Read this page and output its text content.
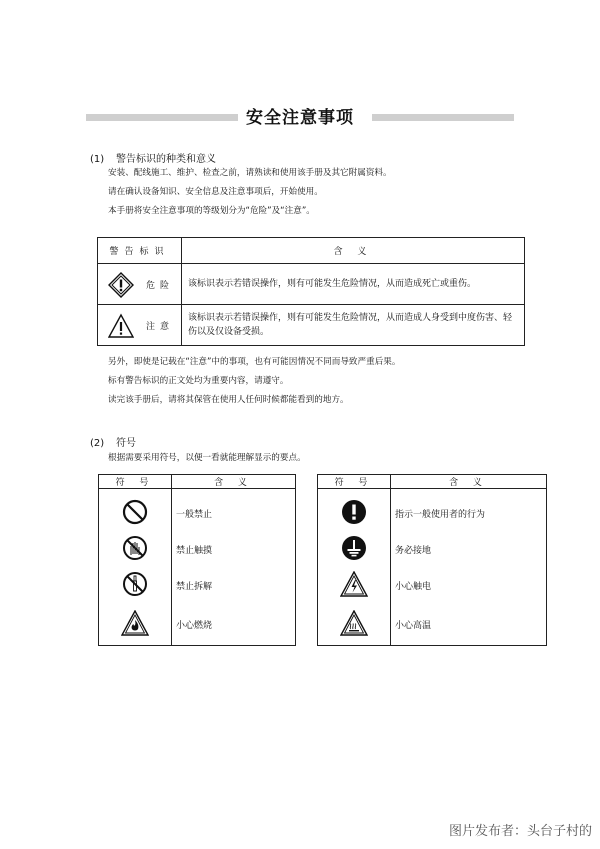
安全注意事项
(1) 警告标识的种类和意义
安装、配线施工、维护、检查之前，请熟读和使用该手册及其它附属资料。
请在确认设备知识、安全信息及注意事项后，开始使用。
本手册将安全注意事项的等级划分为“危险”及“注意”。
警告标识	含 义

危险	该标识表示若错误操作，则有可能发生危险情况，从而造成死亡或重伤。

注意	该标识表示若错误操作，则有可能发生危险情况，从而造成人身受到中度伤害、轻伤以及仅设备受损。
另外，即使是记载在“注意”中的事项，也有可能因情况不同而导致严重后果。
标有警告标识的正文处均为重要内容，请遵守。
读完该手册后，请将其保管在使用人任何时候都能看到的地方。
(2) 符号
根据需要采用符号，以便一看就能理解显示的要点。
符 号	含 义
	一般禁止
	禁止触摸
	禁止拆解
	小心燃烧
符 号	含 义
	指示一般使用者的行为
	务必接地
	小心触电
	小心高温
图片发布者：头台子村的
